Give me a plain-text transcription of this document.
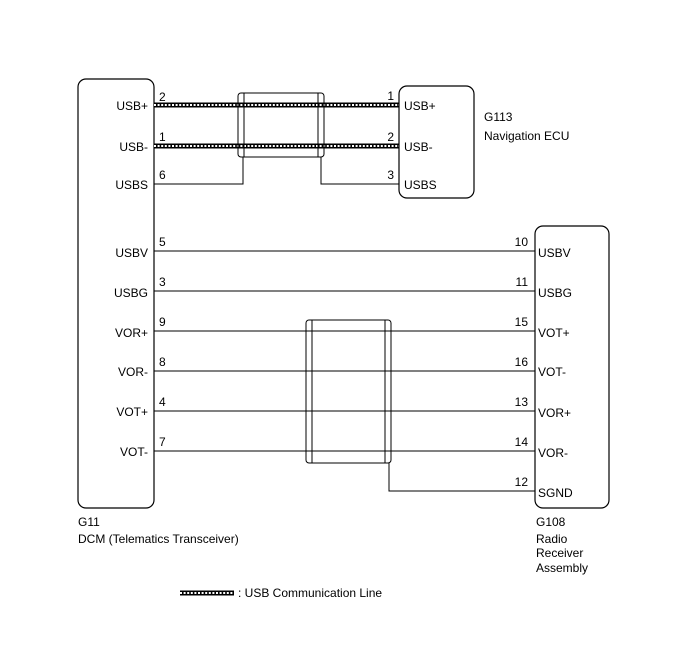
USB+
USB-
USBS
USBV
USBG
VOR+
VOR-
VOT+
VOT-
2
1
6
5
3
9
8
4
7
USB+
USB-
USBS
1
2
3
USBV
USBG
VOT+
VOT-
VOR+
VOR-
SGND
10
11
15
16
13
14
12
G11
DCM (Telematics Transceiver)
G113
Navigation ECU
G108
Radio
Receiver
Assembly
: USB Communication Line
